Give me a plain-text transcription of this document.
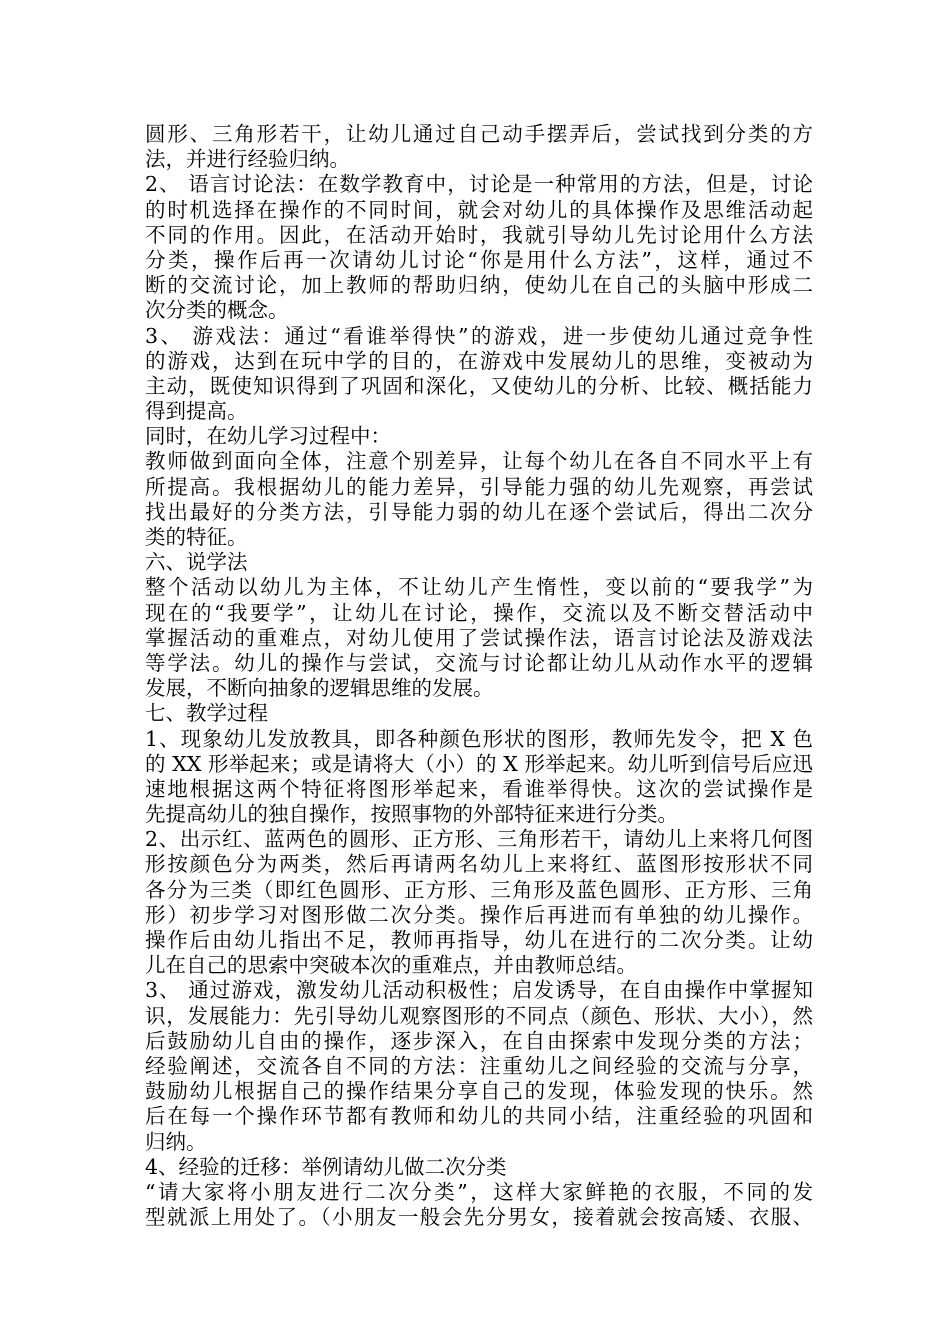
圆形、三角形若干，让幼儿通过自己动手摆弄后，尝试找到分类的方
法，并进行经验归纳。
2、 语言讨论法：在数学教育中，讨论是一种常用的方法，但是，讨论
的时机选择在操作的不同时间，就会对幼儿的具体操作及思维活动起
不同的作用。因此，在活动开始时，我就引导幼儿先讨论用什么方法
分类，操作后再一次请幼儿讨论“你是用什么方法”，这样，通过不
断的交流讨论，加上教师的帮助归纳，使幼儿在自己的头脑中形成二
次分类的概念。
3、 游戏法：通过“看谁举得快”的游戏，进一步使幼儿通过竞争性
的游戏，达到在玩中学的目的，在游戏中发展幼儿的思维，变被动为
主动，既使知识得到了巩固和深化，又使幼儿的分析、比较、概括能力
得到提高。
同时，在幼儿学习过程中：
教师做到面向全体，注意个别差异，让每个幼儿在各自不同水平上有
所提高。我根据幼儿的能力差异，引导能力强的幼儿先观察，再尝试
找出最好的分类方法，引导能力弱的幼儿在逐个尝试后，得出二次分
类的特征。
六、说学法
整个活动以幼儿为主体，不让幼儿产生惰性，变以前的“要我学”为
现在的“我要学”，让幼儿在讨论，操作，交流以及不断交替活动中
掌握活动的重难点，对幼儿使用了尝试操作法，语言讨论法及游戏法
等学法。幼儿的操作与尝试，交流与讨论都让幼儿从动作水平的逻辑
发展，不断向抽象的逻辑思维的发展。
七、教学过程
1、现象幼儿发放教具，即各种颜色形状的图形，教师先发令，把 X 色
的 XX 形举起来；或是请将大（小）的 X 形举起来。幼儿听到信号后应迅
速地根据这两个特征将图形举起来，看谁举得快。这次的尝试操作是
先提高幼儿的独自操作，按照事物的外部特征来进行分类。
2、出示红、蓝两色的圆形、正方形、三角形若干，请幼儿上来将几何图
形按颜色分为两类，然后再请两名幼儿上来将红、蓝图形按形状不同
各分为三类（即红色圆形、正方形、三角形及蓝色圆形、正方形、三角
形）初步学习对图形做二次分类。操作后再进而有单独的幼儿操作。
操作后由幼儿指出不足，教师再指导，幼儿在进行的二次分类。让幼
儿在自己的思索中突破本次的重难点，并由教师总结。
3、 通过游戏，激发幼儿活动积极性；启发诱导，在自由操作中掌握知
识，发展能力：先引导幼儿观察图形的不同点（颜色、形状、大小），然
后鼓励幼儿自由的操作，逐步深入，在自由探索中发现分类的方法；
经验阐述，交流各自不同的方法：注重幼儿之间经验的交流与分享，
鼓励幼儿根据自己的操作结果分享自己的发现，体验发现的快乐。然
后在每一个操作环节都有教师和幼儿的共同小结，注重经验的巩固和
归纳。
4、经验的迁移：举例请幼儿做二次分类
“请大家将小朋友进行二次分类”，这样大家鲜艳的衣服，不同的发
型就派上用处了。（小朋友一般会先分男女，接着就会按高矮、衣服、
